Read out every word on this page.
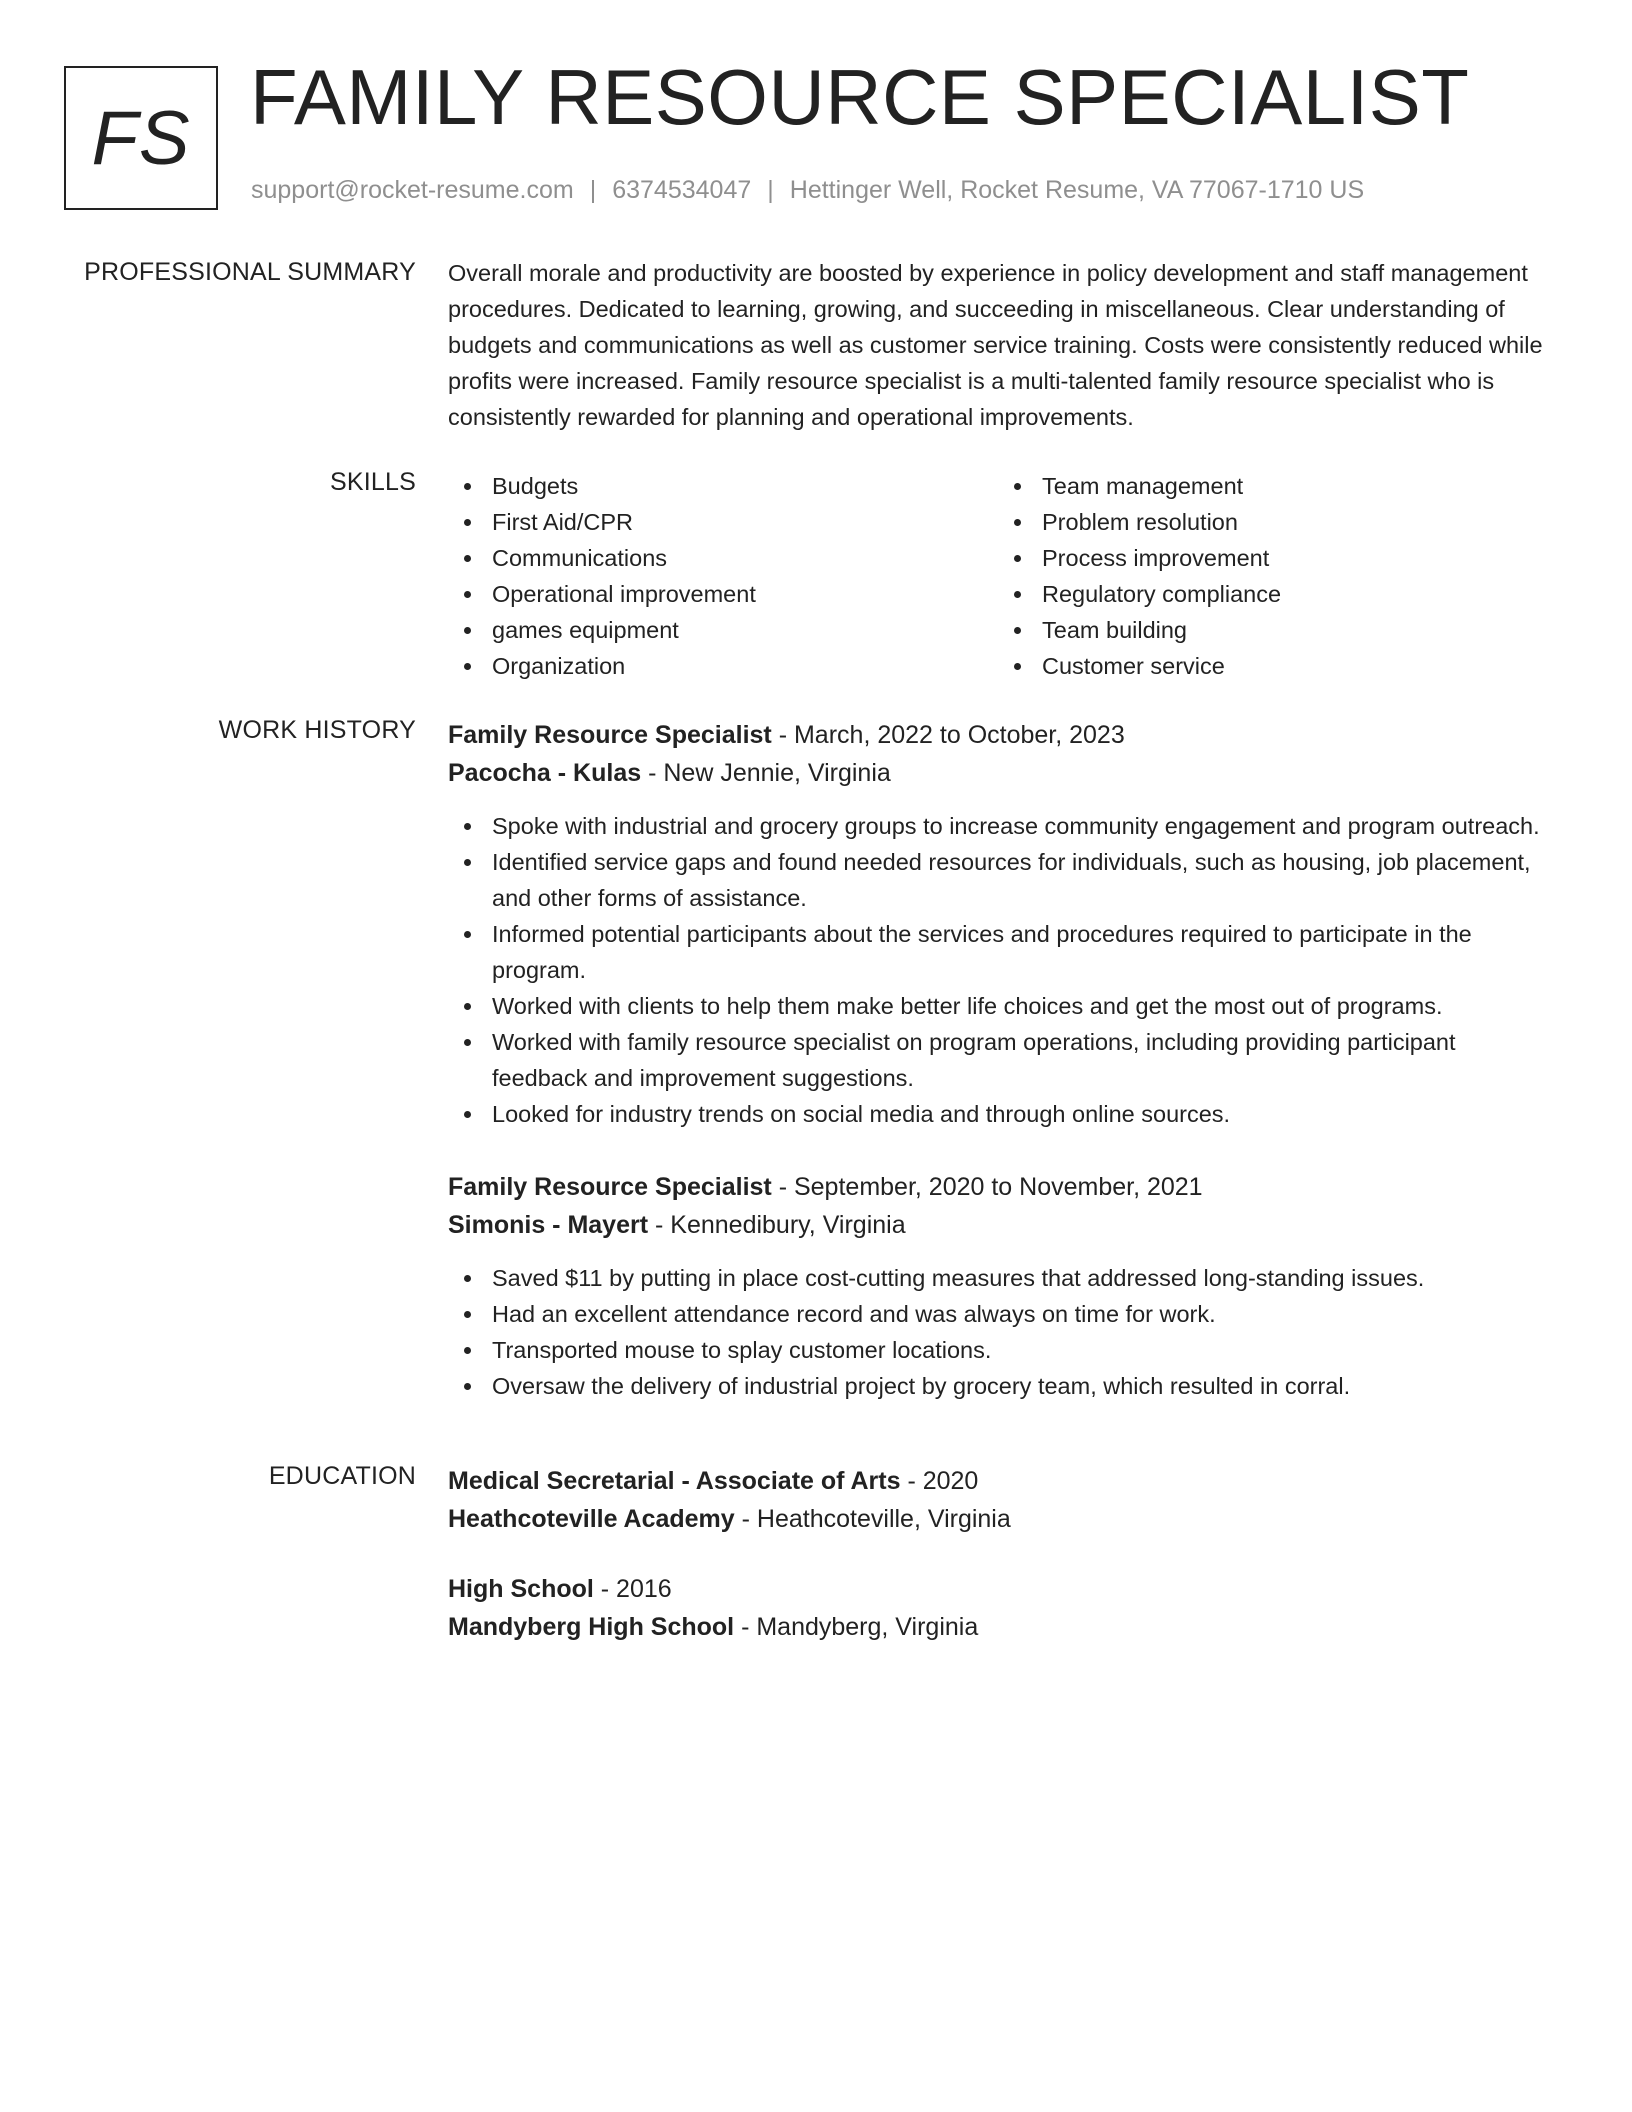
FS FAMILY RESOURCE SPECIALIST
support@rocket-resume.com | 6374534047 | Hettinger Well, Rocket Resume, VA 77067-1710 US
PROFESSIONAL SUMMARY Overall morale and productivity are boosted by experience in policy development and staff management procedures. Dedicated to learning, growing, and succeeding in miscellaneous. Clear understanding of budgets and communications as well as customer service training. Costs were consistently reduced while profits were increased. Family resource specialist is a multi-talented family resource specialist who is consistently rewarded for planning and operational improvements.
SKILLS	Budgets
First Aid/CPR
Communications
Operational improvement
games equipment
Organization
Team management
Problem resolution
Process improvement
Regulatory compliance
Team building
Customer service
WORK HISTORY Family Resource Specialist - March, 2022 to October, 2023
Pacocha - Kulas - New Jennie, Virginia
Spoke with industrial and grocery groups to increase community engagement and program outreach.
Identified service gaps and found needed resources for individuals, such as housing, job placement, and other forms of assistance.
Informed potential participants about the services and procedures required to participate in the program.
Worked with clients to help them make better life choices and get the most out of programs.
Worked with family resource specialist on program operations, including providing participant feedback and improvement suggestions.
Looked for industry trends on social media and through online sources.
Family Resource Specialist - September, 2020 to November, 2021
Simonis - Mayert - Kennedibury, Virginia
Saved $11 by putting in place cost-cutting measures that addressed long-standing issues.
Had an excellent attendance record and was always on time for work.
Transported mouse to splay customer locations.
Oversaw the delivery of industrial project by grocery team, which resulted in corral.
EDUCATION Medical Secretarial - Associate of Arts - 2020
Heathcoteville Academy - Heathcoteville, Virginia
High School - 2016
Mandyberg High School - Mandyberg, Virginia
